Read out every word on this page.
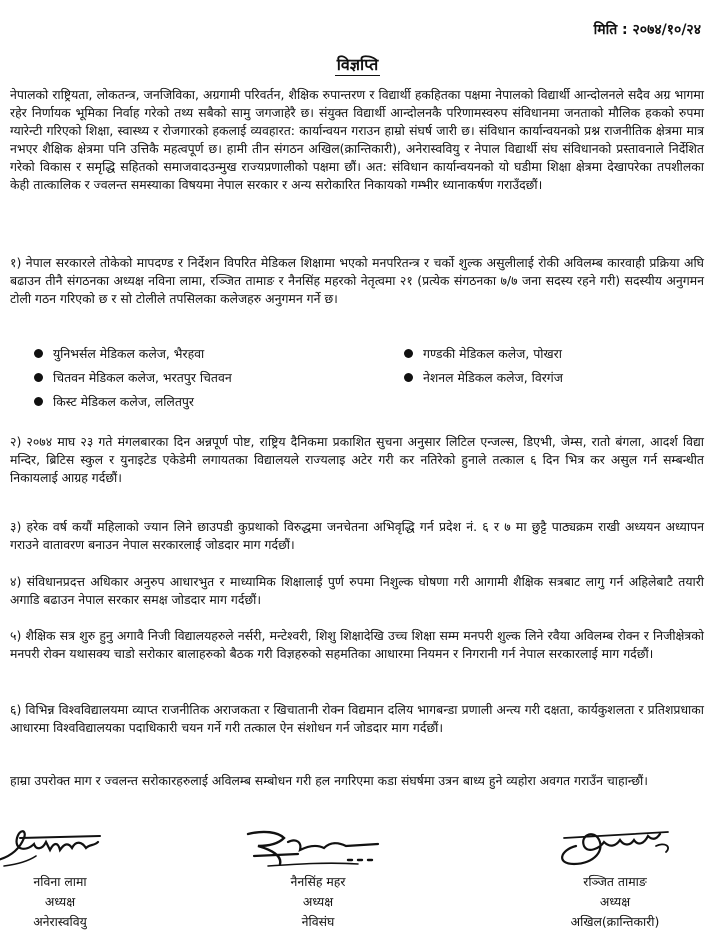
मिति : २०७४/१०/२४
विज्ञप्ति
नेपालको राष्ट्रियता, लोकतन्त्र, जनजिविका, अग्रगामी परिवर्तन, शैक्षिक रुपान्तरण र विद्यार्थी हकहितका पक्षमा नेपालको विद्यार्थी आन्दोलनले सदैव अग्र भागमा रहेर निर्णायक भूमिका निर्वाह गरेको तथ्य सबैको सामु जगजाहेरै छ। संयुक्त विद्यार्थी आन्दोलनकै परिणामस्वरुप संविधानमा जनताको मौलिक हकको रुपमा ग्यारेन्टी गरिएको शिक्षा, स्वास्थ्य र रोजगारको हकलाई व्यवहारत: कार्यान्वयन गराउन हाम्रो संघर्ष जारी छ। संविधान कार्यान्वयनको प्रश्न राजनीतिक क्षेत्रमा मात्र नभएर शैक्षिक क्षेत्रमा पनि उत्तिकै महत्वपूर्ण छ। हामी तीन संगठन अखिल(क्रान्तिकारी), अनेरास्ववियु र नेपाल विद्यार्थी संघ संविधानको प्रस्तावनाले निर्देशित गरेको विकास र समृद्धि सहितको समाजवादउन्मुख राज्यप्रणालीको पक्षमा छौं। अत: संविधान कार्यान्वयनको यो घडीमा शिक्षा क्षेत्रमा देखापरेका तपशीलका केही तात्कालिक र ज्वलन्त समस्याका विषयमा नेपाल सरकार र अन्य सरोकारित निकायको गम्भीर ध्यानाकर्षण गराउँदछौं।
१) नेपाल सरकारले तोकेको मापदण्ड र निर्देशन विपरित मेडिकल शिक्षामा भएको मनपरितन्त्र र चर्को शुल्क असुलीलाई रोकी अविलम्ब कारवाही प्रक्रिया अघि बढाउन तीनै संगठनका अध्यक्ष नविना लामा, रञ्जित तामाङ र नैनसिंह महरको नेतृत्वमा २१ (प्रत्येक संगठनका ७/७ जना सदस्य रहने गरी) सदस्यीय अनुगमन टोली गठन गरिएको छ र सो टोलीले तपसिलका कलेजहरु अनुगमन गर्ने छ।
युनिभर्सल मेडिकल कलेज, भैरहवा	गण्डकी मेडिकल कलेज, पोखरा
चितवन मेडिकल कलेज, भरतपुर चितवन	नेशनल मेडिकल कलेज, विरगंज
किस्ट मेडिकल कलेज, ललितपुर
२) २०७४ माघ २३ गते मंगलबारका दिन अन्नपूर्ण पोष्ट, राष्ट्रिय दैनिकमा प्रकाशित सुचना अनुसार लिटिल एन्जल्स, डिएभी, जेम्स, रातो बंगला, आदर्श विद्या मन्दिर, ब्रिटिस स्कुल र युनाइटेड एकेडेमी लगायतका विद्यालयले राज्यलाइ अटेर गरी कर नतिरेको हुनाले तत्काल ६ दिन भित्र कर असुल गर्न सम्बन्धीत निकायलाई आग्रह गर्दछौं।
३) हरेक वर्ष कयौं महिलाको ज्यान लिने छाउपडी कुप्रथाको विरुद्धमा जनचेतना अभिवृद्धि गर्न प्रदेश नं. ६ र ७ मा छुट्टै पाठ्यक्रम राखी अध्ययन अध्यापन गराउने वातावरण बनाउन नेपाल सरकारलाई जोडदार माग गर्दछौं।
४) संविधानप्रदत्त अधिकार अनुरुप आधारभुत र माध्यामिक शिक्षालाई पुर्ण रुपमा निशुल्क घोषणा गरी आगामी शैक्षिक सत्रबाट लागु गर्न अहिलेबाटै तयारी अगाडि बढाउन नेपाल सरकार समक्ष जोडदार माग गर्दछौं।
५) शैक्षिक सत्र शुरु हुनु अगावै निजी विद्यालयहरुले नर्सरी, मन्टेश्वरी, शिशु शिक्षादेखि उच्च शिक्षा सम्म मनपरी शुल्क लिने रवैया अविलम्ब रोक्न र निजीक्षेत्रको मनपरी रोक्न यथासक्य चाडो सरोकार बालाहरुको बैठक गरी विज्ञहरुको सहमतिका आधारमा नियमन र निगरानी गर्न नेपाल सरकारलाई माग गर्दछौं।
६) विभिन्न विश्वविद्यालयमा व्याप्त राजनीतिक अराजकता र खिचातानी रोक्न विद्यमान दलिय भागबन्डा प्रणाली अन्त्य गरी दक्षता, कार्यकुशलता र प्रतिशप्रधाका आधारमा विश्वविद्यालयका पदाधिकारी चयन गर्ने गरी तत्काल ऐन संशोधन गर्न जोडदार माग गर्दछौं।
हाम्रा उपरोक्त माग र ज्वलन्त सरोकारहरुलाई अविलम्ब सम्बोधन गरी हल नगरिएमा कडा संघर्षमा उत्रन बाध्य हुने व्यहोरा अवगत गराउँन चाहान्छौं।
नविना लामा
अध्यक्ष
अनेरास्ववियु
नैनसिंह महर
अध्यक्ष
नेविसंघ
रञ्जित तामाङ
अध्यक्ष
अखिल(क्रान्तिकारी)
